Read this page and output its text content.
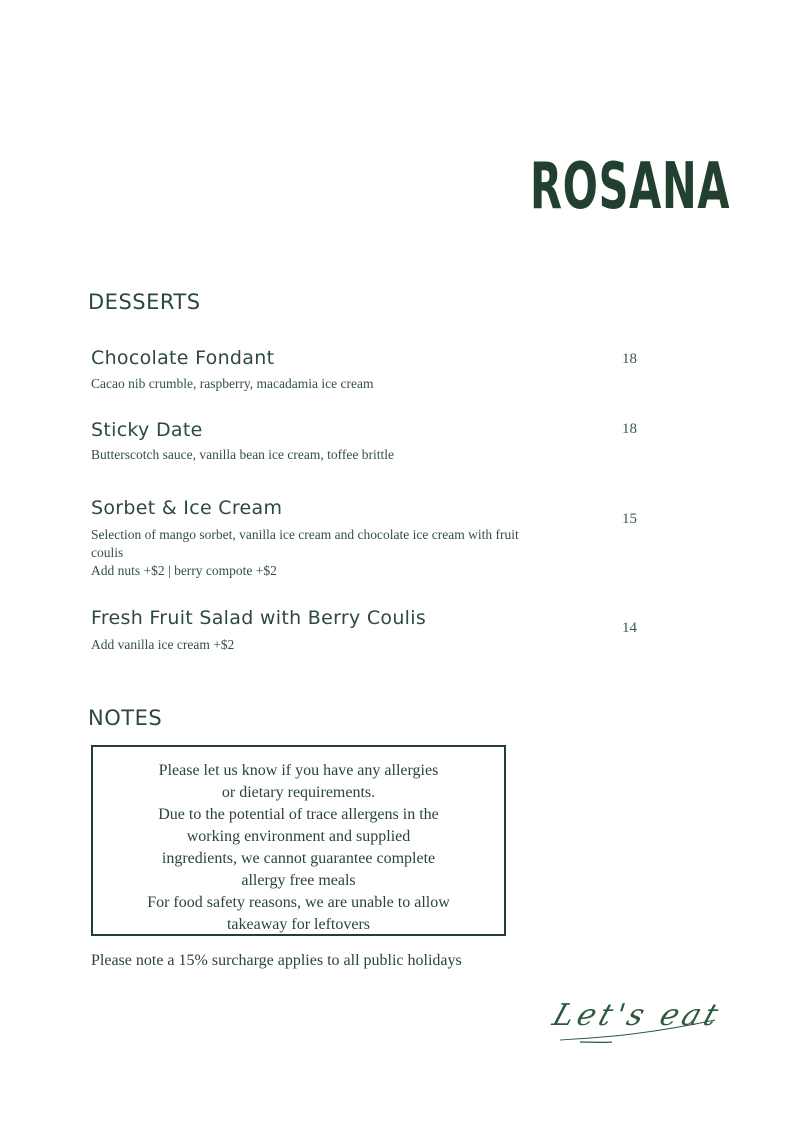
ROSANA
DESSERTS
Chocolate Fondant
Cacao nib crumble, raspberry, macadamia ice cream
18
Sticky Date
Butterscotch sauce, vanilla bean ice cream, toffee brittle
18
Sorbet & Ice Cream
Selection of mango sorbet, vanilla ice cream and chocolate ice cream with fruit coulis
Add nuts +$2 | berry compote +$2
15
Fresh Fruit Salad with Berry Coulis
Add vanilla ice cream +$2
14
NOTES

Please let us know if you have any allergies
or dietary requirements.
Due to the potential of trace allergens in the
working environment and supplied
ingredients, we cannot guarantee complete
allergy free meals
For food safety reasons, we are unable to allow
takeaway for leftovers

Please note a 15% surcharge applies to all public holidays
Let's eat
